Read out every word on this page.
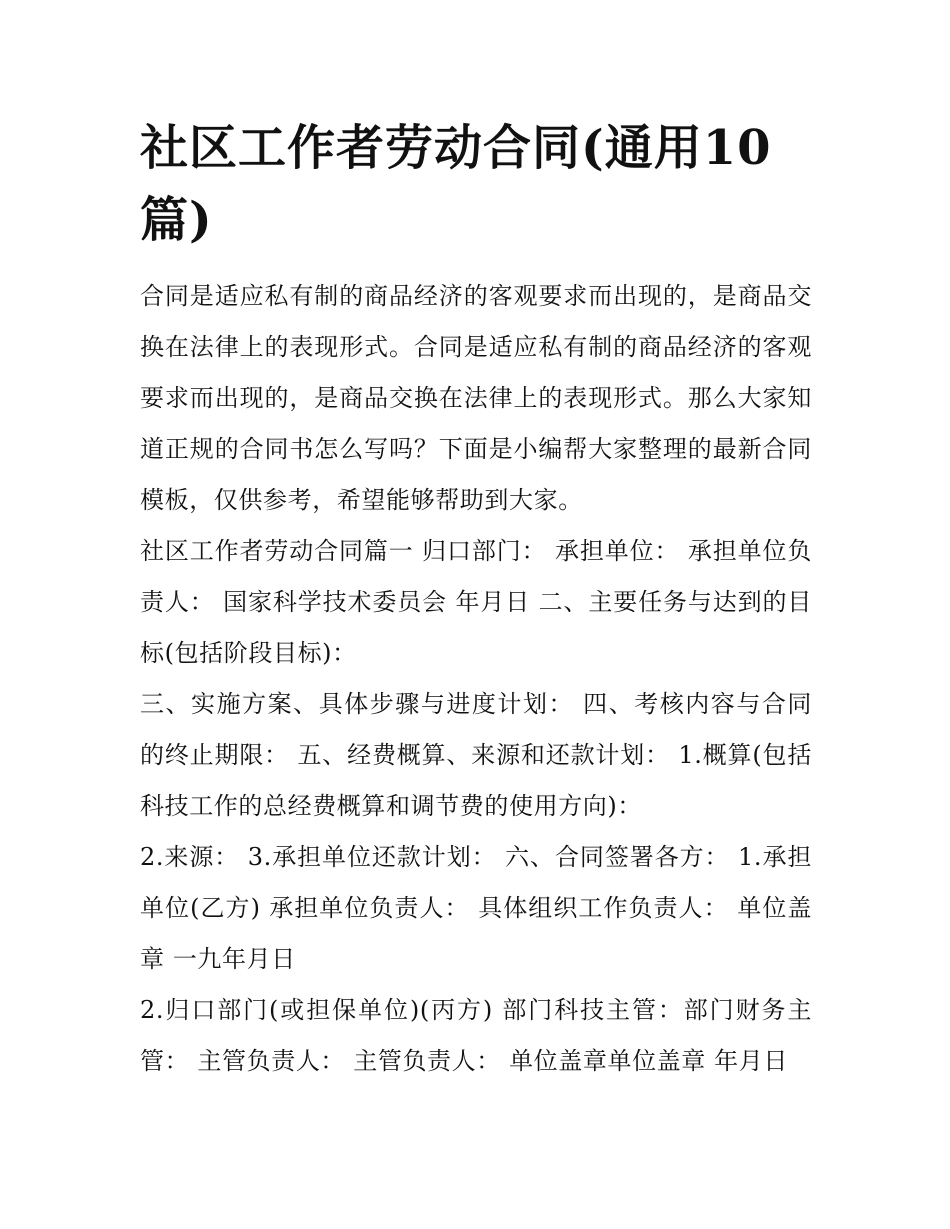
社区工作者劳动合同(通用10篇)

合同是适应私有制的商品经济的客观要求而出现的，是商品交换在法律上的表现形式。合同是适应私有制的商品经济的客观要求而出现的，是商品交换在法律上的表现形式。那么大家知道正规的合同书怎么写吗？下面是小编帮大家整理的最新合同模板，仅供参考，希望能够帮助到大家。

社区工作者劳动合同篇一 归口部门： 承担单位： 承担单位负责人： 国家科学技术委员会 年月日 二、主要任务与达到的目标(包括阶段目标)：

三、实施方案、具体步骤与进度计划： 四、考核内容与合同的终止期限： 五、经费概算、来源和还款计划： 1.概算(包括科技工作的总经费概算和调节费的使用方向)：

2.来源： 3.承担单位还款计划： 六、合同签署各方： 1.承担单位(乙方) 承担单位负责人： 具体组织工作负责人： 单位盖章 一九年月日

2.归口部门(或担保单位)(丙方) 部门科技主管：部门财务主管： 主管负责人： 主管负责人： 单位盖章单位盖章 年月日
